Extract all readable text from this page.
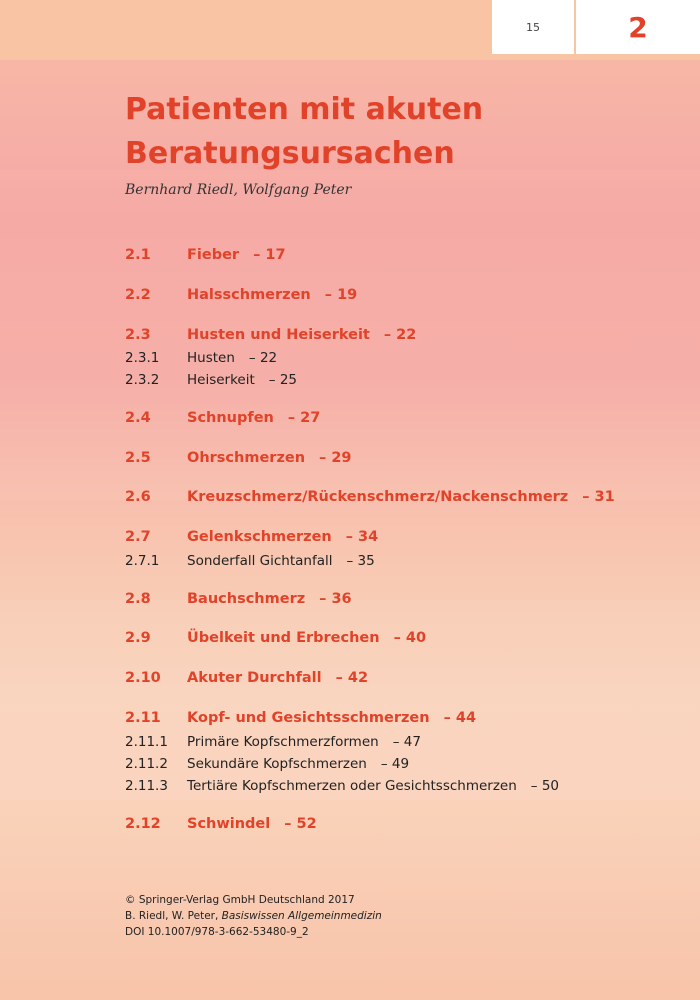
15	2
Patienten mit akuten
Beratungsursachen
Bernhard Riedl, Wolfgang Peter
2.1	Fieber – 17
2.2	Halsschmerzen – 19
2.3	Husten und Heiserkeit – 22
2.3.1	Husten – 22
2.3.2	Heiserkeit – 25
2.4	Schnupfen – 27
2.5	Ohrschmerzen – 29
2.6	Kreuzschmerz/Rückenschmerz/Nackenschmerz – 31
2.7	Gelenkschmerzen – 34
2.7.1	Sonderfall Gichtanfall – 35
2.8	Bauchschmerz – 36
2.9	Übelkeit und Erbrechen – 40
2.10	Akuter Durchfall – 42
2.11	Kopf- und Gesichtsschmerzen – 44
2.11.1	Primäre Kopfschmerzformen – 47
2.11.2	Sekundäre Kopfschmerzen – 49
2.11.3	Tertiäre Kopfschmerzen oder Gesichtsschmerzen – 50
2.12	Schwindel – 52
© Springer-Verlag GmbH Deutschland 2017
B. Riedl, W. Peter, Basiswissen Allgemeinmedizin
DOI 10.1007/978-3-662-53480-9_2
